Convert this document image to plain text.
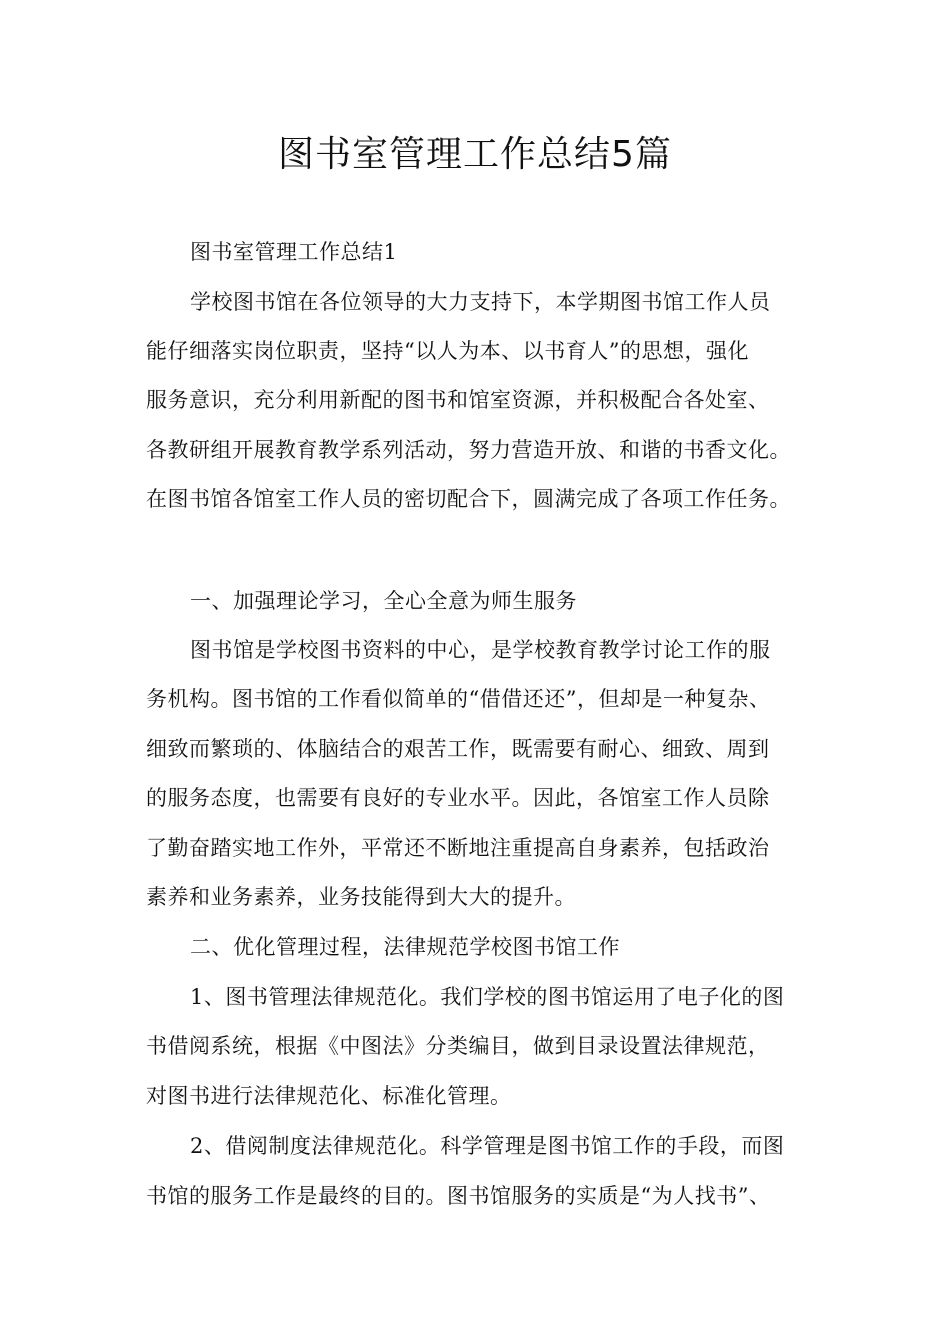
图书室管理工作总结5篇
图书室管理工作总结1
学校图书馆在各位领导的大力支持下，本学期图书馆工作人员
能仔细落实岗位职责，坚持“以人为本、以书育人”的思想，强化
服务意识，充分利用新配的图书和馆室资源，并积极配合各处室、
各教研组开展教育教学系列活动，努力营造开放、和谐的书香文化。
在图书馆各馆室工作人员的密切配合下，圆满完成了各项工作任务。
一、加强理论学习，全心全意为师生服务
图书馆是学校图书资料的中心，是学校教育教学讨论工作的服
务机构。图书馆的工作看似简单的“借借还还”，但却是一种复杂、
细致而繁琐的、体脑结合的艰苦工作，既需要有耐心、细致、周到
的服务态度，也需要有良好的专业水平。因此，各馆室工作人员除
了勤奋踏实地工作外，平常还不断地注重提高自身素养，包括政治
素养和业务素养，业务技能得到大大的提升。
二、优化管理过程，法律规范学校图书馆工作
1、图书管理法律规范化。我们学校的图书馆运用了电子化的图
书借阅系统，根据《中图法》分类编目，做到目录设置法律规范，
对图书进行法律规范化、标准化管理。
2、借阅制度法律规范化。科学管理是图书馆工作的手段，而图
书馆的服务工作是最终的目的。图书馆服务的实质是“为人找书”、
